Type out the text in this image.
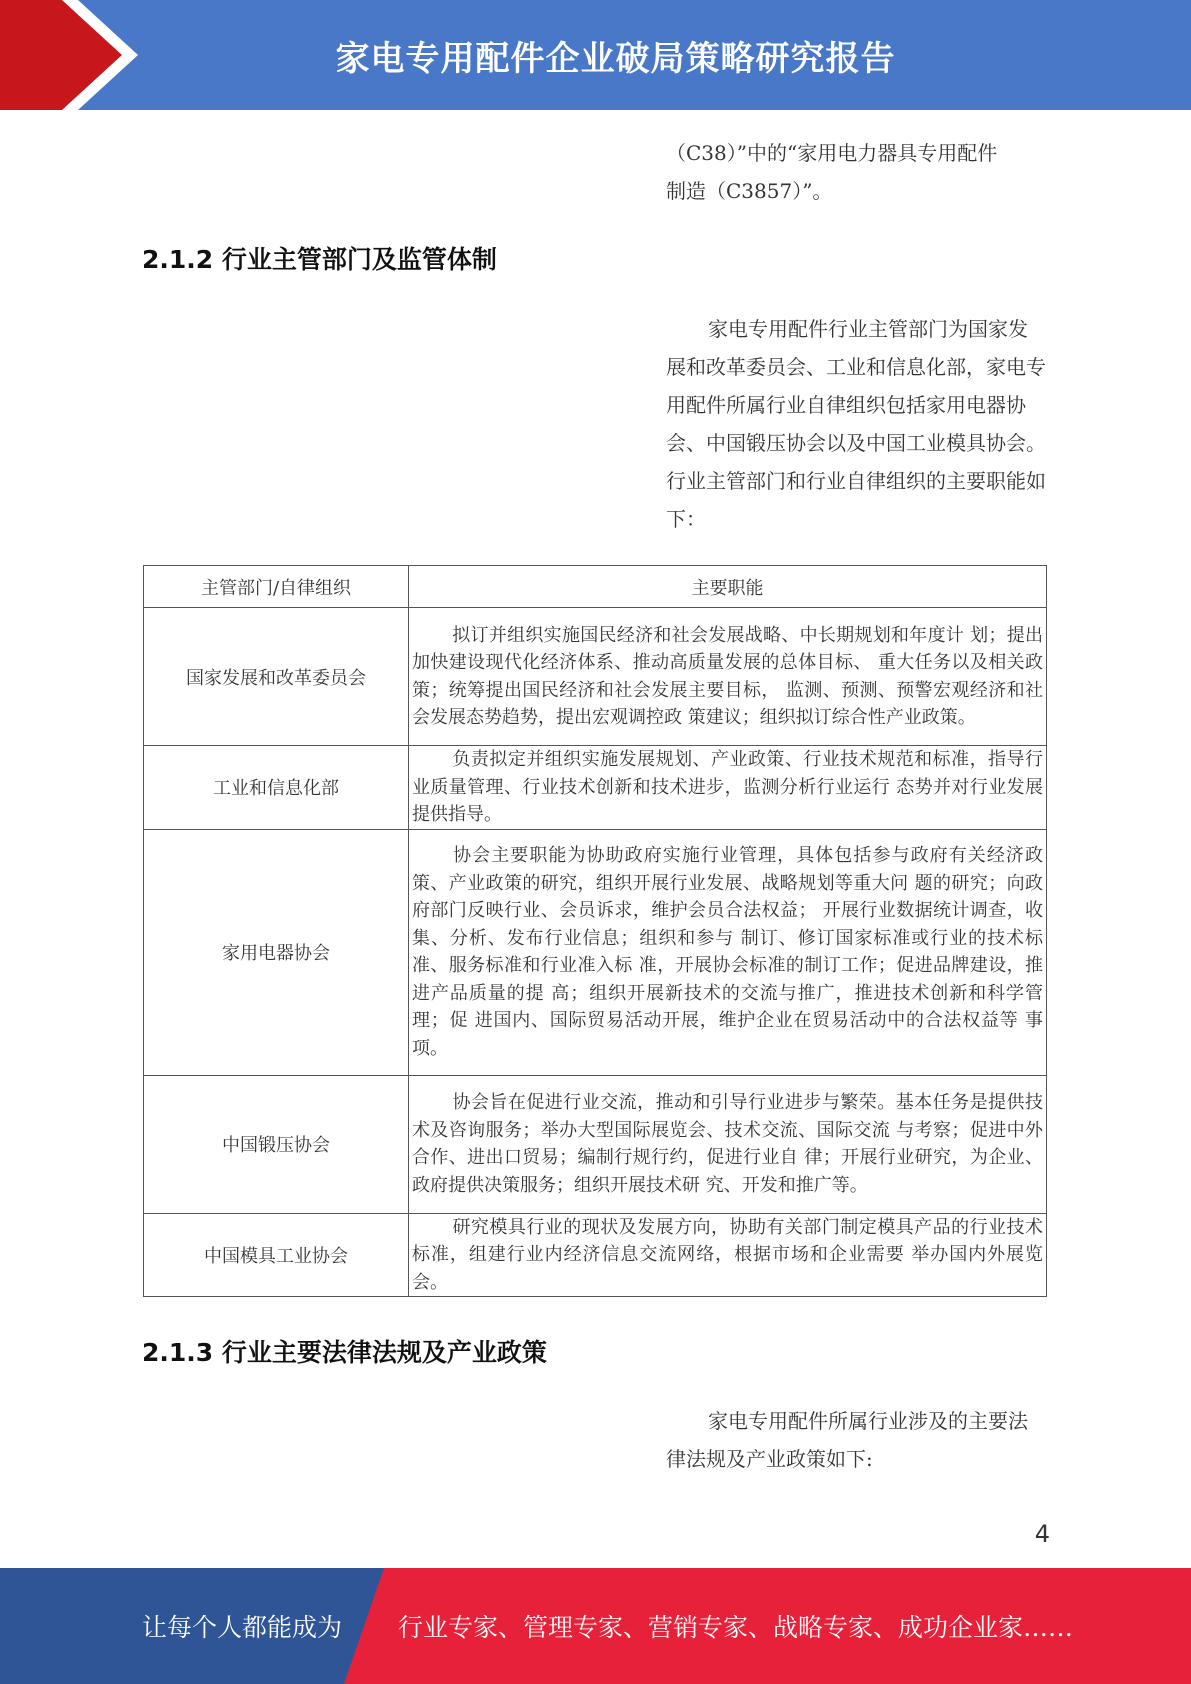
家电专用配件企业破局策略研究报告
（C38）”中的“家用电力器具专用配件
制造（C3857）”。
2.1.2 行业主管部门及监管体制
家电专用配件行业主管部门为国家发展和改革委员会、工业和信息化部，家电专用配件所属行业自律组织包括家用电器协会、中国锻压协会以及中国工业模具协会。行业主管部门和行业自律组织的主要职能如下：
主管部门/自律组织	主要职能
国家发展和改革委员会	拟订并组织实施国民经济和社会发展战略、中长期规划和年度计 划；提出加快建设现代化经济体系、推动高质量发展的总体目标、 重大任务以及相关政策；统筹提出国民经济和社会发展主要目标， 监测、预测、预警宏观经济和社会发展态势趋势，提出宏观调控政 策建议；组织拟订综合性产业政策。
工业和信息化部	负责拟定并组织实施发展规划、产业政策、行业技术规范和标准，指导行业质量管理、行业技术创新和技术进步，监测分析行业运行 态势并对行业发展提供指导。
家用电器协会	协会主要职能为协助政府实施行业管理，具体包括参与政府有关经济政策、产业政策的研究，组织开展行业发展、战略规划等重大问 题的研究；向政府部门反映行业、会员诉求，维护会员合法权益； 开展行业数据统计调查，收集、分析、发布行业信息；组织和参与 制订、修订国家标准或行业的技术标准、服务标准和行业准入标 准，开展协会标准的制订工作；促进品牌建设，推进产品质量的提 高；组织开展新技术的交流与推广，推进技术创新和科学管理；促 进国内、国际贸易活动开展，维护企业在贸易活动中的合法权益等 事项。
中国锻压协会	协会旨在促进行业交流，推动和引导行业进步与繁荣。基本任务是提供技术及咨询服务；举办大型国际展览会、技术交流、国际交流 与考察；促进中外合作、进出口贸易；编制行规行约，促进行业自 律；开展行业研究，为企业、政府提供决策服务；组织开展技术研 究、开发和推广等。
中国模具工业协会	研究模具行业的现状及发展方向，协助有关部门制定模具产品的行业技术标准，组建行业内经济信息交流网络，根据市场和企业需要 举办国内外展览会。
2.1.3 行业主要法律法规及产业政策
家电专用配件所属行业涉及的主要法律法规及产业政策如下:
4
让每个人都能成为 行业专家、管理专家、营销专家、战略专家、成功企业家……
